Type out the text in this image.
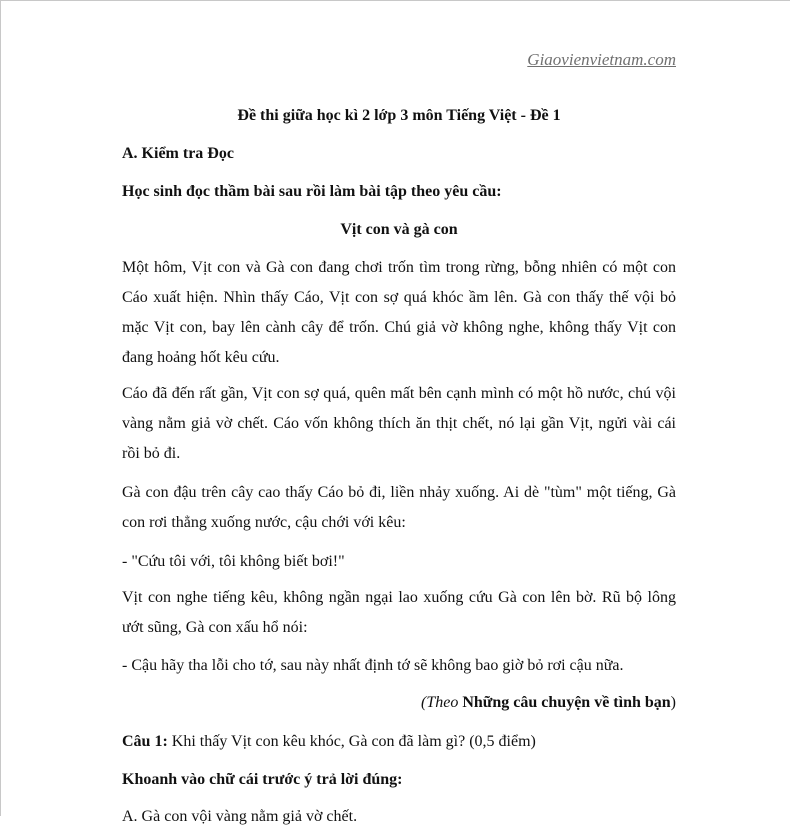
Giaovienvietnam.com
Đề thi giữa học kì 2 lớp 3 môn Tiếng Việt - Đề 1
A. Kiểm tra Đọc
Học sinh đọc thầm bài sau rồi làm bài tập theo yêu cầu:
Vịt con và gà con
Một hôm, Vịt con và Gà con đang chơi trốn tìm trong rừng, bỗng nhiên có một con Cáo xuất hiện. Nhìn thấy Cáo, Vịt con sợ quá khóc ầm lên. Gà con thấy thế vội bỏ mặc Vịt con, bay lên cành cây để trốn. Chú giả vờ không nghe, không thấy Vịt con đang hoảng hốt kêu cứu.
Cáo đã đến rất gần, Vịt con sợ quá, quên mất bên cạnh mình có một hồ nước, chú vội vàng nằm giả vờ chết. Cáo vốn không thích ăn thịt chết, nó lại gần Vịt, ngửi vài cái rồi bỏ đi.
Gà con đậu trên cây cao thấy Cáo bỏ đi, liền nhảy xuống. Ai dè "tùm" một tiếng, Gà con rơi thẳng xuống nước, cậu chới với kêu:
- "Cứu tôi với, tôi không biết bơi!"
Vịt con nghe tiếng kêu, không ngần ngại lao xuống cứu Gà con lên bờ. Rũ bộ lông ướt sũng, Gà con xấu hổ nói:
- Cậu hãy tha lỗi cho tớ, sau này nhất định tớ sẽ không bao giờ bỏ rơi cậu nữa.
(Theo Những câu chuyện về tình bạn)
Câu 1: Khi thấy Vịt con kêu khóc, Gà con đã làm gì? (0,5 điểm)
Khoanh vào chữ cái trước ý trả lời đúng:
A. Gà con vội vàng nằm giả vờ chết.
